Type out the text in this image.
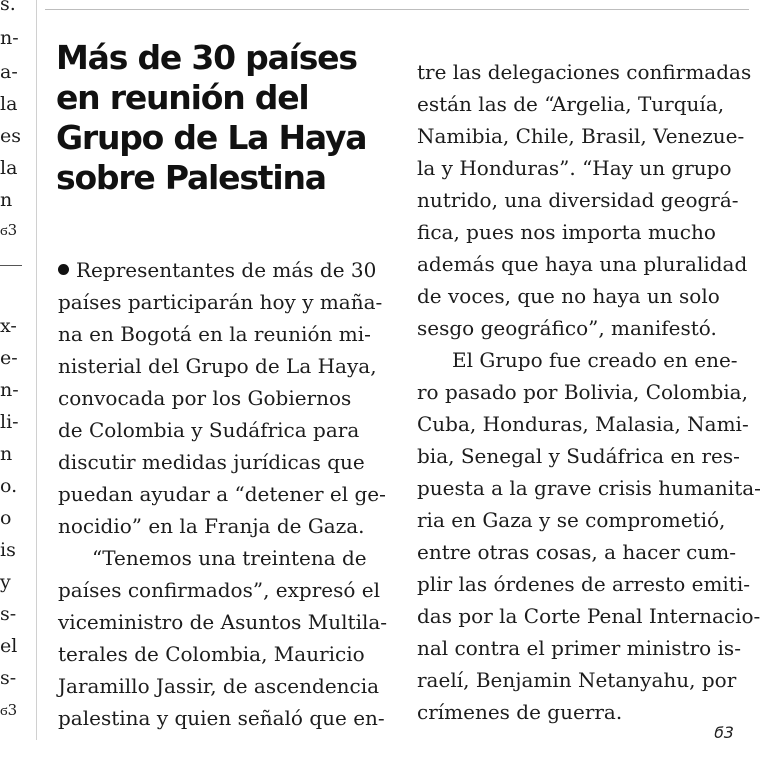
s.
n-
a-
la
es
la
n
ϭ3
x-
e-
n-
li-
n
o.
o
is
y
s-
el
s-
ϭ3
Más de 30 países
en reunión del
Grupo de La Haya
sobre Palestina
Representantes de más de 30
países participarán hoy y maña-
na en Bogotá en la reunión mi-
nisterial del Grupo de La Haya,
convocada por los Gobiernos
de Colombia y Sudáfrica para
discutir medidas jurídicas que
puedan ayudar a “detener el ge-
nocidio” en la Franja de Gaza.
“Tenemos una treintena de
países confirmados”, expresó el
viceministro de Asuntos Multila-
terales de Colombia, Mauricio
Jaramillo Jassir, de ascendencia
palestina y quien señaló que en-
tre las delegaciones confirmadas
están las de “Argelia, Turquía,
Namibia, Chile, Brasil, Venezue-
la y Honduras”. “Hay un grupo
nutrido, una diversidad geográ-
fica, pues nos importa mucho
además que haya una pluralidad
de voces, que no haya un solo
sesgo geográfico”, manifestó.
El Grupo fue creado en ene-
ro pasado por Bolivia, Colombia,
Cuba, Honduras, Malasia, Nami-
bia, Senegal y Sudáfrica en res-
puesta a la grave crisis humanita-
ria en Gaza y se comprometió,
entre otras cosas, a hacer cum-
plir las órdenes de arresto emiti-
das por la Corte Penal Internacio-
nal contra el primer ministro is-
raelí, Benjamin Netanyahu, por
crímenes de guerra.
ϭ3
